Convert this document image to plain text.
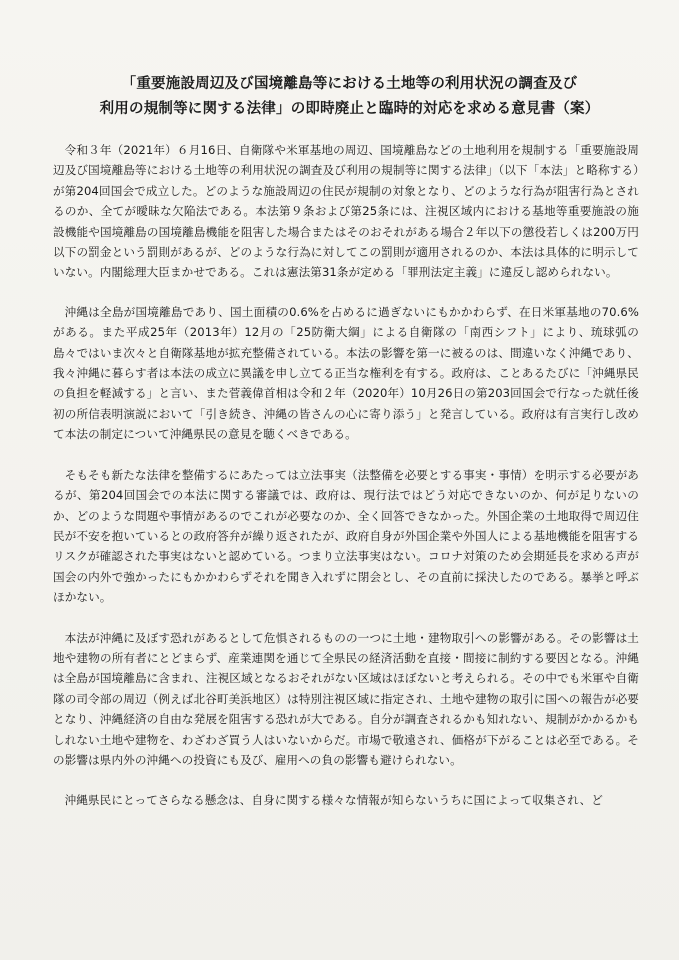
「重要施設周辺及び国境離島等における土地等の利用状況の調査及び
利用の規制等に関する法律」の即時廃止と臨時的対応を求める意見書（案）

令和３年（2021年）６月16日、自衛隊や米軍基地の周辺、国境離島などの土地利用を規制する「重要施設周辺及び国境離島等における土地等の利用状況の調査及び利用の規制等に関する法律」（以下「本法」と略称する）が第204回国会で成立した。どのような施設周辺の住民が規制の対象となり、どのような行為が阻害行為とされるのか、全てが曖昧な欠陥法である。本法第９条および第25条には、注視区域内における基地等重要施設の施設機能や国境離島の国境離島機能を阻害した場合またはそのおそれがある場合２年以下の懲役若しくは200万円以下の罰金という罰則があるが、どのような行為に対してこの罰則が適用されるのか、本法は具体的に明示していない。内閣総理大臣まかせである。これは憲法第31条が定める「罪刑法定主義」に違反し認められない。

沖縄は全島が国境離島であり、国土面積の0.6%を占めるに過ぎないにもかかわらず、在日米軍基地の70.6%がある。また平成25年（2013年）12月の「25防衛大綱」による自衛隊の「南西シフト」により、琉球弧の島々ではいま次々と自衛隊基地が拡充整備されている。本法の影響を第一に被るのは、間違いなく沖縄であり、我々沖縄に暮らす者は本法の成立に異議を申し立てる正当な権利を有する。政府は、ことあるたびに「沖縄県民の負担を軽減する」と言い、また菅義偉首相は令和２年（2020年）10月26日の第203回国会で行なった就任後初の所信表明演説において「引き続き、沖縄の皆さんの心に寄り添う」と発言している。政府は有言実行し改めて本法の制定について沖縄県民の意見を聴くべきである。

そもそも新たな法律を整備するにあたっては立法事実（法整備を必要とする事実・事情）を明示する必要があるが、第204回国会での本法に関する審議では、政府は、現行法ではどう対応できないのか、何が足りないのか、どのような問題や事情があるのでこれが必要なのか、全く回答できなかった。外国企業の土地取得で周辺住民が不安を抱いているとの政府答弁が繰り返されたが、政府自身が外国企業や外国人による基地機能を阻害するリスクが確認された事実はないと認めている。つまり立法事実はない。コロナ対策のため会期延長を求める声が国会の内外で強かったにもかかわらずそれを聞き入れずに閉会とし、その直前に採決したのである。暴挙と呼ぶほかない。

本法が沖縄に及ぼす恐れがあるとして危惧されるものの一つに土地・建物取引への影響がある。その影響は土地や建物の所有者にとどまらず、産業連関を通じて全県民の経済活動を直接・間接に制約する要因となる。沖縄は全島が国境離島に含まれ、注視区域となるおそれがない区域はほぼないと考えられる。その中でも米軍や自衛隊の司令部の周辺（例えば北谷町美浜地区）は特別注視区域に指定され、土地や建物の取引に国への報告が必要となり、沖縄経済の自由な発展を阻害する恐れが大である。自分が調査されるかも知れない、規制がかかるかもしれない土地や建物を、わざわざ買う人はいないからだ。市場で敬遠され、価格が下がることは必至である。その影響は県内外の沖縄への投資にも及び、雇用への負の影響も避けられない。

沖縄県民にとってさらなる懸念は、自身に関する様々な情報が知らないうちに国によって収集され、ど
